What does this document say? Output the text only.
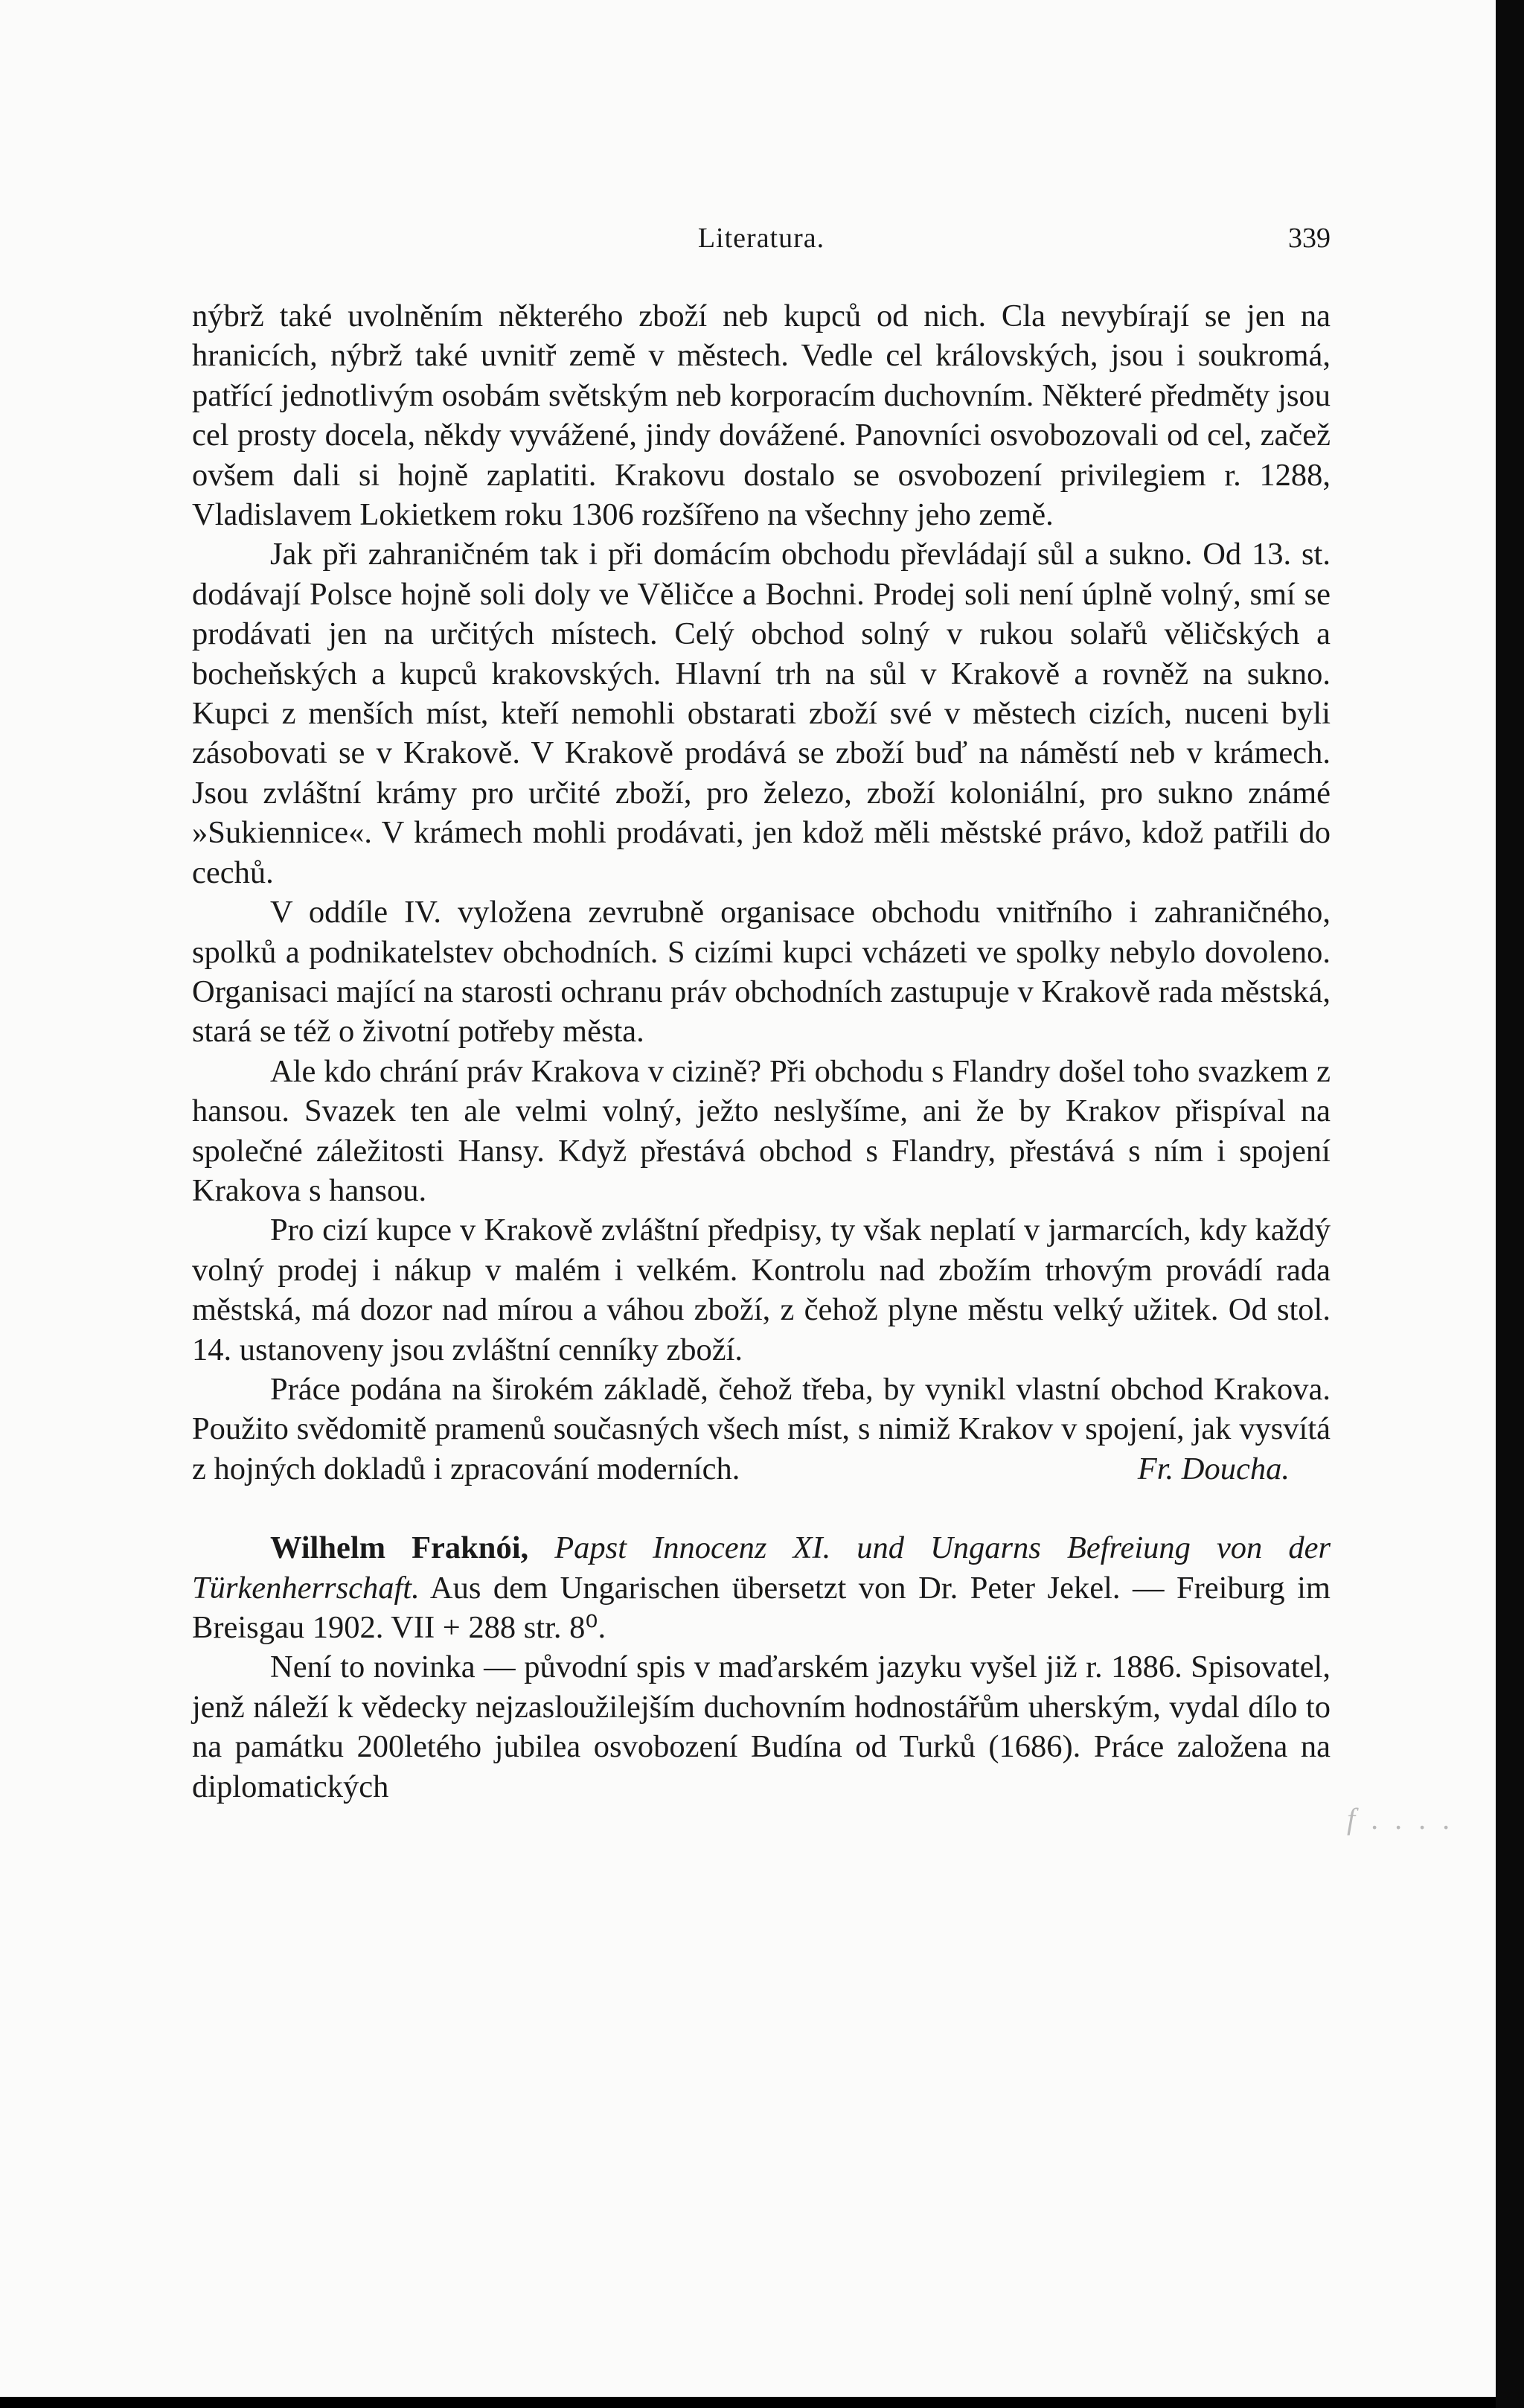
Literatura.	339

nýbrž také uvolněním některého zboží neb kupců od nich. Cla nevybírají se jen na hranicích, nýbrž také uvnitř země v městech. Vedle cel královských, jsou i soukromá, patřící jednotlivým osobám světským neb korporacím duchovním. Některé předměty jsou cel prosty docela, někdy vyvážené, jindy dovážené. Panovníci osvobozovali od cel, začež ovšem dali si hojně zaplatiti. Krakovu dostalo se osvobození privilegiem r. 1288, Vladislavem Lokietkem roku 1306 rozšířeno na všechny jeho země.

Jak při zahraničném tak i při domácím obchodu převládají sůl a sukno. Od 13. st. dodávají Polsce hojně soli doly ve Věličce a Bochni. Prodej soli není úplně volný, smí se prodávati jen na určitých místech. Celý obchod solný v rukou solařů věličských a bocheňských a kupců krakovských. Hlavní trh na sůl v Krakově a rovněž na sukno. Kupci z menších míst, kteří nemohli obstarati zboží své v městech cizích, nuceni byli zásobovati se v Krakově. V Krakově prodává se zboží buď na náměstí neb v krámech. Jsou zvláštní krámy pro určité zboží, pro železo, zboží koloniální, pro sukno známé »Sukiennice«. V krámech mohli prodávati, jen kdož měli městské právo, kdož patřili do cechů.

V oddíle IV. vyložena zevrubně organisace obchodu vnitřního i zahraničného, spolků a podnikatelstev obchodních. S cizími kupci vcházeti ve spolky nebylo dovoleno. Organisaci mající na starosti ochranu práv obchodních zastupuje v Krakově rada městská, stará se též o životní potřeby města.

Ale kdo chrání práv Krakova v cizině? Při obchodu s Flandry došel toho svazkem z hansou. Svazek ten ale velmi volný, ježto neslyšíme, ani že by Krakov přispíval na společné záležitosti Hansy. Když přestává obchod s Flandry, přestává s ním i spojení Krakova s hansou.

Pro cizí kupce v Krakově zvláštní předpisy, ty však neplatí v jarmarcích, kdy každý volný prodej i nákup v malém i velkém. Kontrolu nad zbožím trhovým provádí rada městská, má dozor nad mírou a váhou zboží, z čehož plyne městu velký užitek. Od stol. 14. ustanoveny jsou zvláštní cenníky zboží.

Práce podána na širokém základě, čehož třeba, by vynikl vlastní obchod Krakova. Použito svědomitě pramenů současných všech míst, s nimiž Krakov v spojení, jak vysvítá z hojných dokladů i zpracování moderních.	Fr. Doucha.

Wilhelm Fraknói, Papst Innocenz XI. und Ungarns Befreiung von der Türkenherrschaft. Aus dem Ungarischen übersetzt von Dr. Peter Jekel. — Freiburg im Breisgau 1902. VII + 288 str. 8⁰.

Není to novinka — původní spis v maďarském jazyku vyšel již r. 1886. Spisovatel, jenž náleží k vědecky nejzasloužilejším duchovním hodnostářům uherským, vydal dílo to na památku 200letého jubilea osvobození Budína od Turků (1686). Práce založena na diplomatických

f . . . .
